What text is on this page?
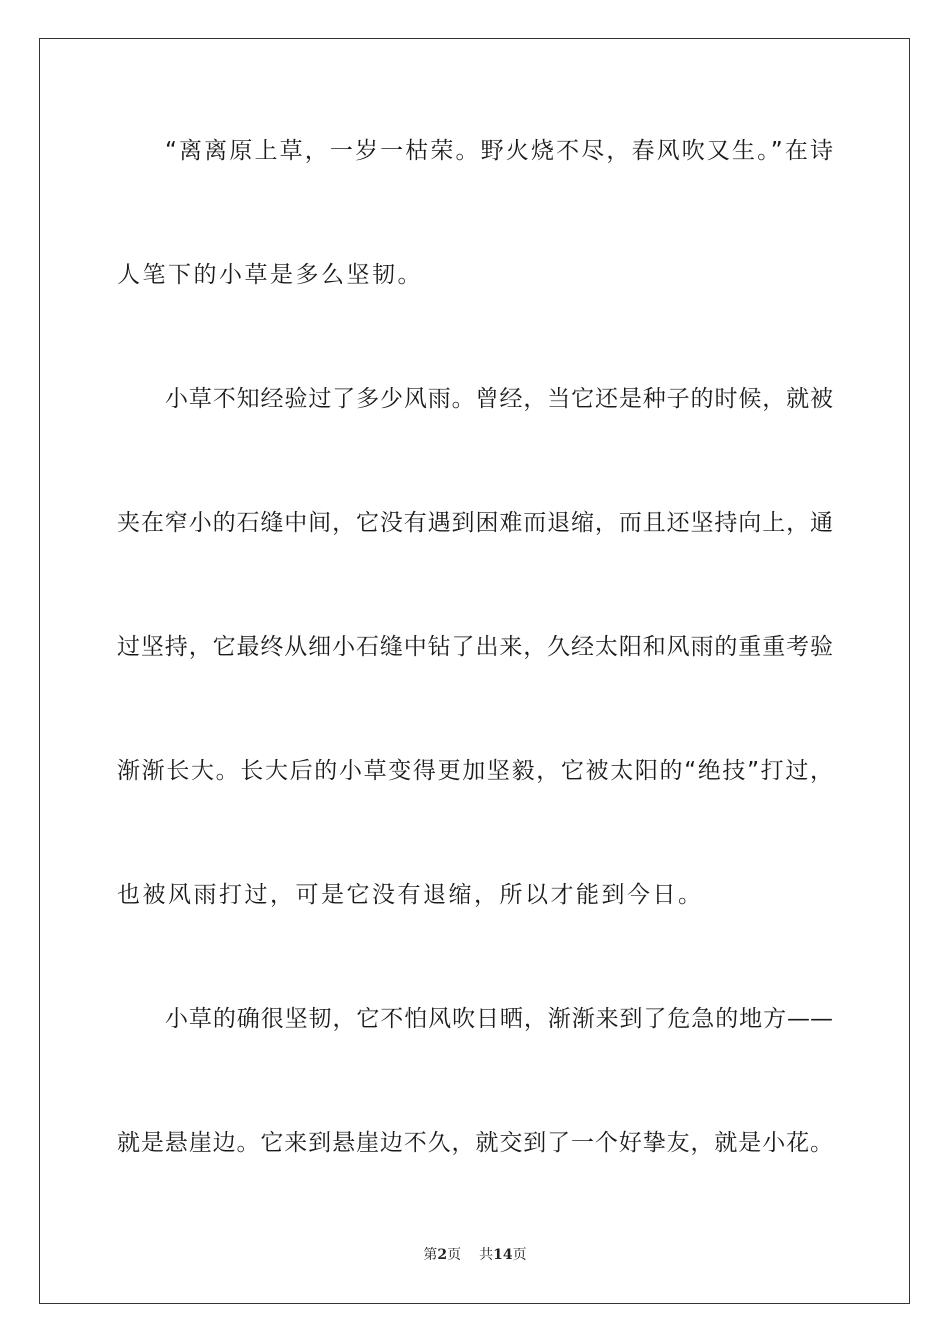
“离离原上草，一岁一枯荣。野火烧不尽，春风吹又生。”在诗
人笔下的小草是多么坚韧。
小草不知经验过了多少风雨。曾经，当它还是种子的时候，就被
夹在窄小的石缝中间，它没有遇到困难而退缩，而且还坚持向上，通
过坚持，它最终从细小石缝中钻了出来，久经太阳和风雨的重重考验
渐渐长大。长大后的小草变得更加坚毅，它被太阳的“绝技”打过，
也被风雨打过，可是它没有退缩，所以才能到今日。
小草的确很坚韧，它不怕风吹日晒，渐渐来到了危急的地方——
就是悬崖边。它来到悬崖边不久，就交到了一个好挚友，就是小花。
第2页 共14页
